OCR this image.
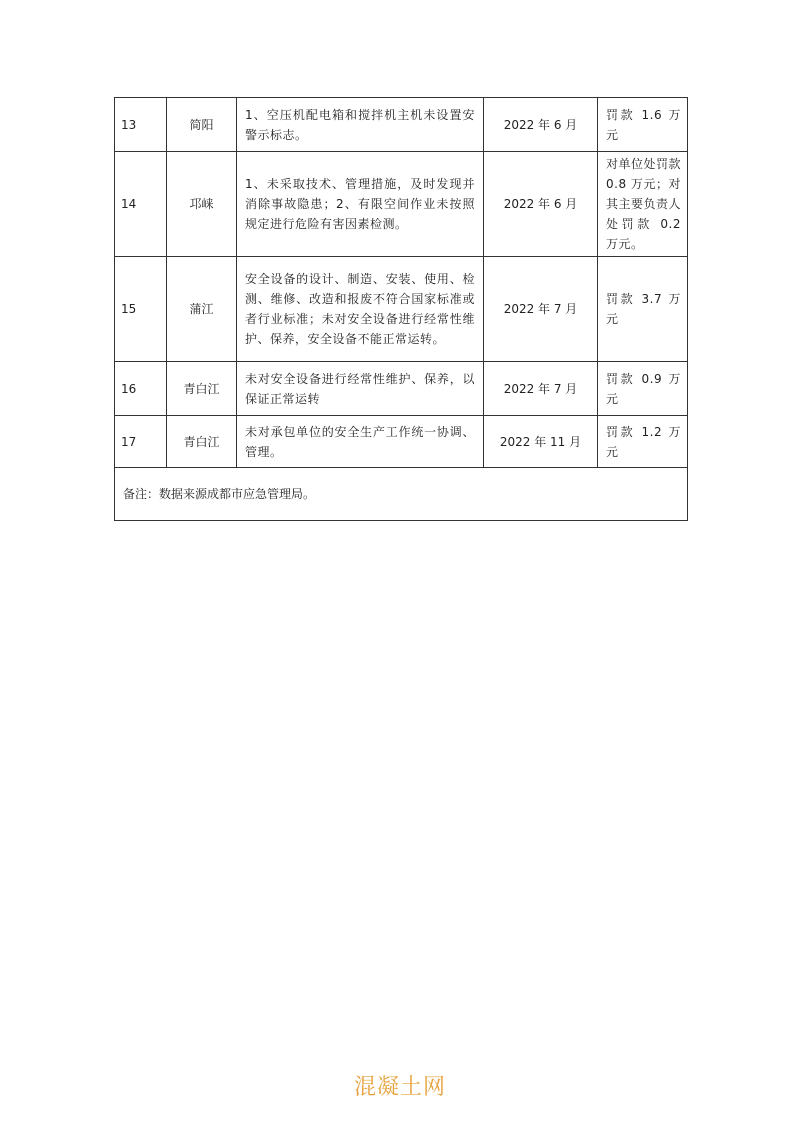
13	简阳	1、空压机配电箱和搅拌机主机未设置安警示标志。	2022 年 6 月	罚款 1.6 万元
14	邛崃	1、未采取技术、管理措施，及时发现并消除事故隐患；2、有限空间作业未按照规定进行危险有害因素检测。	2022 年 6 月	对单位处罚款 0.8 万元；对其主要负责人处罚款 0.2 万元。
15	蒲江	安全设备的设计、制造、安装、使用、检测、维修、改造和报废不符合国家标准或者行业标准；未对安全设备进行经常性维护、保养，安全设备不能正常运转。	2022 年 7 月	罚款 3.7 万元
16	青白江	未对安全设备进行经常性维护、保养，以保证正常运转	2022 年 7 月	罚款 0.9 万元
17	青白江	未对承包单位的安全生产工作统一协调、管理。	2022 年 11 月	罚款 1.2 万元
备注：数据来源成都市应急管理局。				
混凝土网
